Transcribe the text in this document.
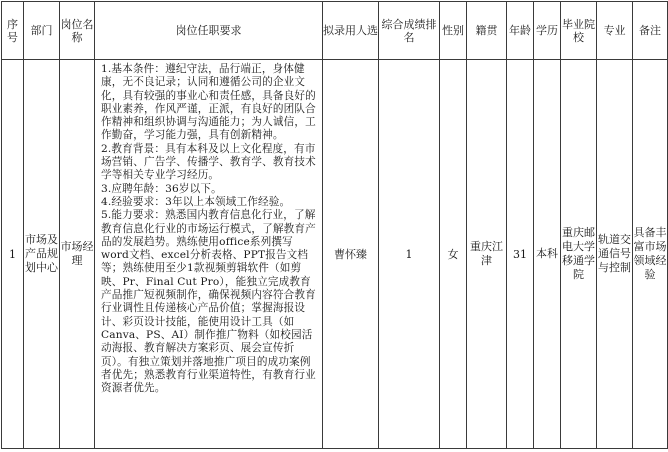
序号	部门	岗位名称	岗位任职要求	拟录用人选	综合成绩排名	性别	籍贯	年龄	学历	毕业院校	专业	备注
1	市场及产品规划中心	市场经理	1.基本条件：遵纪守法，品行端正，身体健康，无不良记录；认同和遵循公司的企业文化，具有较强的事业心和责任感，具备良好的职业素养，作风严谨，正派，有良好的团队合作精神和组织协调与沟通能力；为人诚信，工作勤奋，学习能力强，具有创新精神。

2.教育背景：具有本科及以上文化程度，有市场营销、广告学、传播学、教育学、教育技术学等相关专业学习经历。

3.应聘年龄：36岁以下。

4.经验要求：3年以上本领域工作经验。

5.能力要求：熟悉国内教育信息化行业，了解教育信息化行业的市场运行模式，了解教育产品的发展趋势。熟练使用office系列撰写word文档、excel分析表格、PPT报告文档等；熟练使用至少1款视频剪辑软件（如剪映、Pr、Final Cut Pro），能独立完成教育产品推广短视频制作，确保视频内容符合教育行业调性且传递核心产品价值；掌握海报设计、彩页设计技能，能使用设计工具（如Canva、PS、AI）制作推广物料（如校园活动海报、教育解决方案彩页、展会宣传折页）。有独立策划并落地推广项目的成功案例者优先；熟悉教育行业渠道特性，有教育行业资源者优先。	曹怀臻	1	女	重庆江津	31	本科	重庆邮电大学移通学院	轨道交通信号与控制	具备丰富市场领域经验
